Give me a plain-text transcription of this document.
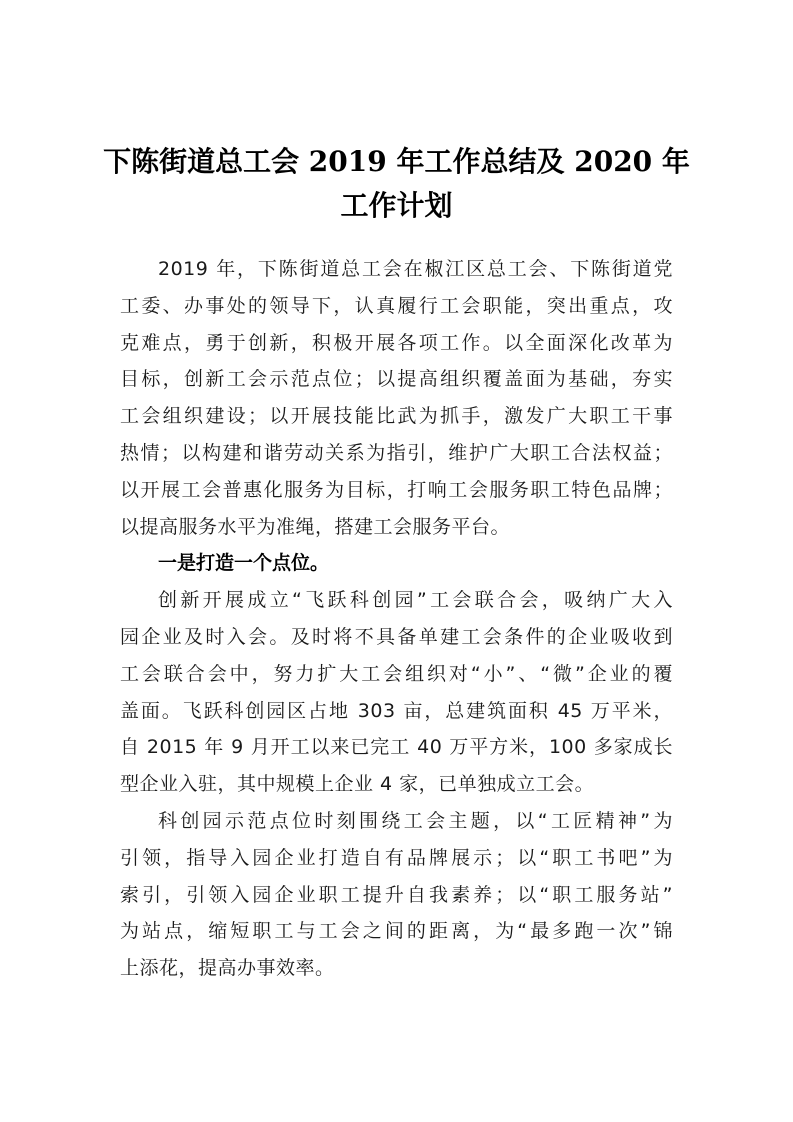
下陈街道总工会 2019 年工作总结及 2020 年
工作计划
2019 年，下陈街道总工会在椒江区总工会、下陈街道党
工委、办事处的领导下，认真履行工会职能，突出重点，攻
克难点，勇于创新，积极开展各项工作。以全面深化改革为
目标，创新工会示范点位；以提高组织覆盖面为基础，夯实
工会组织建设；以开展技能比武为抓手，激发广大职工干事
热情；以构建和谐劳动关系为指引，维护广大职工合法权益；
以开展工会普惠化服务为目标，打响工会服务职工特色品牌；
以提高服务水平为准绳，搭建工会服务平台。
一是打造一个点位。
创新开展成立“飞跃科创园”工会联合会，吸纳广大入
园企业及时入会。及时将不具备单建工会条件的企业吸收到
工会联合会中，努力扩大工会组织对“小”、“微”企业的覆
盖面。飞跃科创园区占地 303 亩，总建筑面积 45 万平米，
自 2015 年 9 月开工以来已完工 40 万平方米，100 多家成长
型企业入驻，其中规模上企业 4 家，已单独成立工会。
科创园示范点位时刻围绕工会主题，以“工匠精神”为
引领，指导入园企业打造自有品牌展示；以“职工书吧”为
索引，引领入园企业职工提升自我素养；以“职工服务站”
为站点，缩短职工与工会之间的距离，为“最多跑一次”锦
上添花，提高办事效率。
